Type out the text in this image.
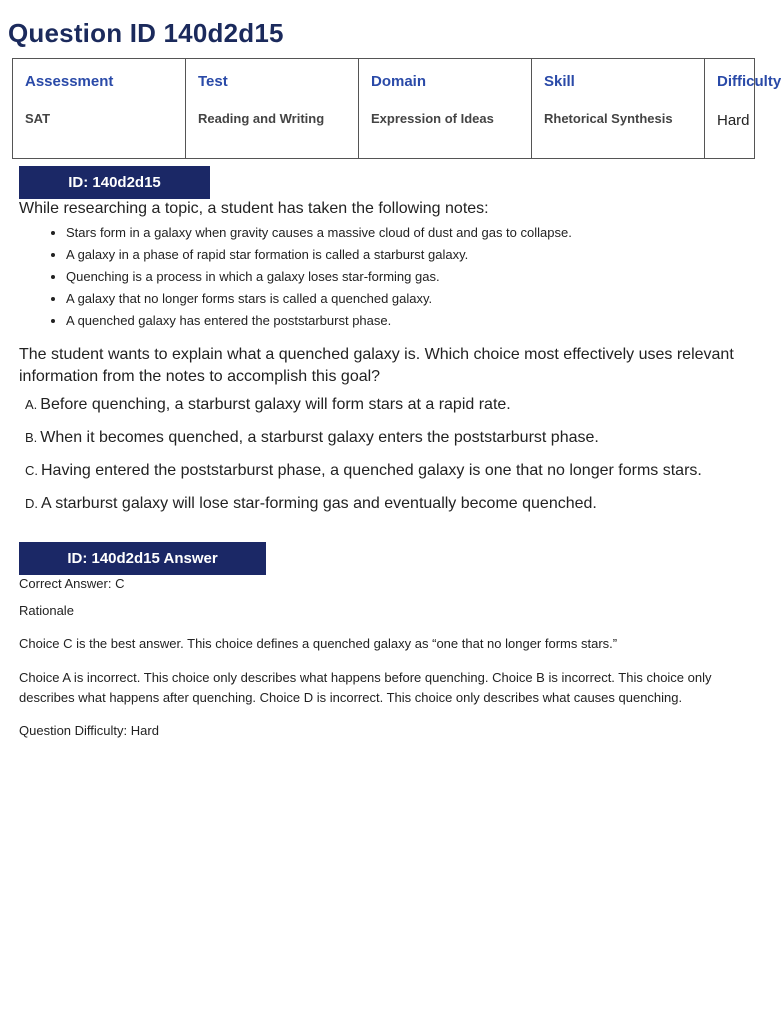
Question ID 140d2d15
Assessment
SAT

Test
Reading and Writing

Domain
Expression of Ideas

Skill
Rhetorical Synthesis

Difficulty
Hard
ID: 140d2d15

While researching a topic, a student has taken the following notes:

• Stars form in a galaxy when gravity causes a massive cloud of dust and gas to collapse.
• A galaxy in a phase of rapid star formation is called a starburst galaxy.
• Quenching is a process in which a galaxy loses star-forming gas.
• A galaxy that no longer forms stars is called a quenched galaxy.
• A quenched galaxy has entered the poststarburst phase.

The student wants to explain what a quenched galaxy is. Which choice most effectively uses relevant information from the notes to accomplish this goal?

A. Before quenching, a starburst galaxy will form stars at a rapid rate.
B. When it becomes quenched, a starburst galaxy enters the poststarburst phase.
C. Having entered the poststarburst phase, a quenched galaxy is one that no longer forms stars.
D. A starburst galaxy will lose star-forming gas and eventually become quenched.
ID: 140d2d15 Answer

Correct Answer: C

Rationale

Choice C is the best answer. This choice defines a quenched galaxy as “one that no longer forms stars.”

Choice A is incorrect. This choice only describes what happens before quenching. Choice B is incorrect. This choice only describes what happens after quenching. Choice D is incorrect. This choice only describes what causes quenching.

Question Difficulty: Hard
